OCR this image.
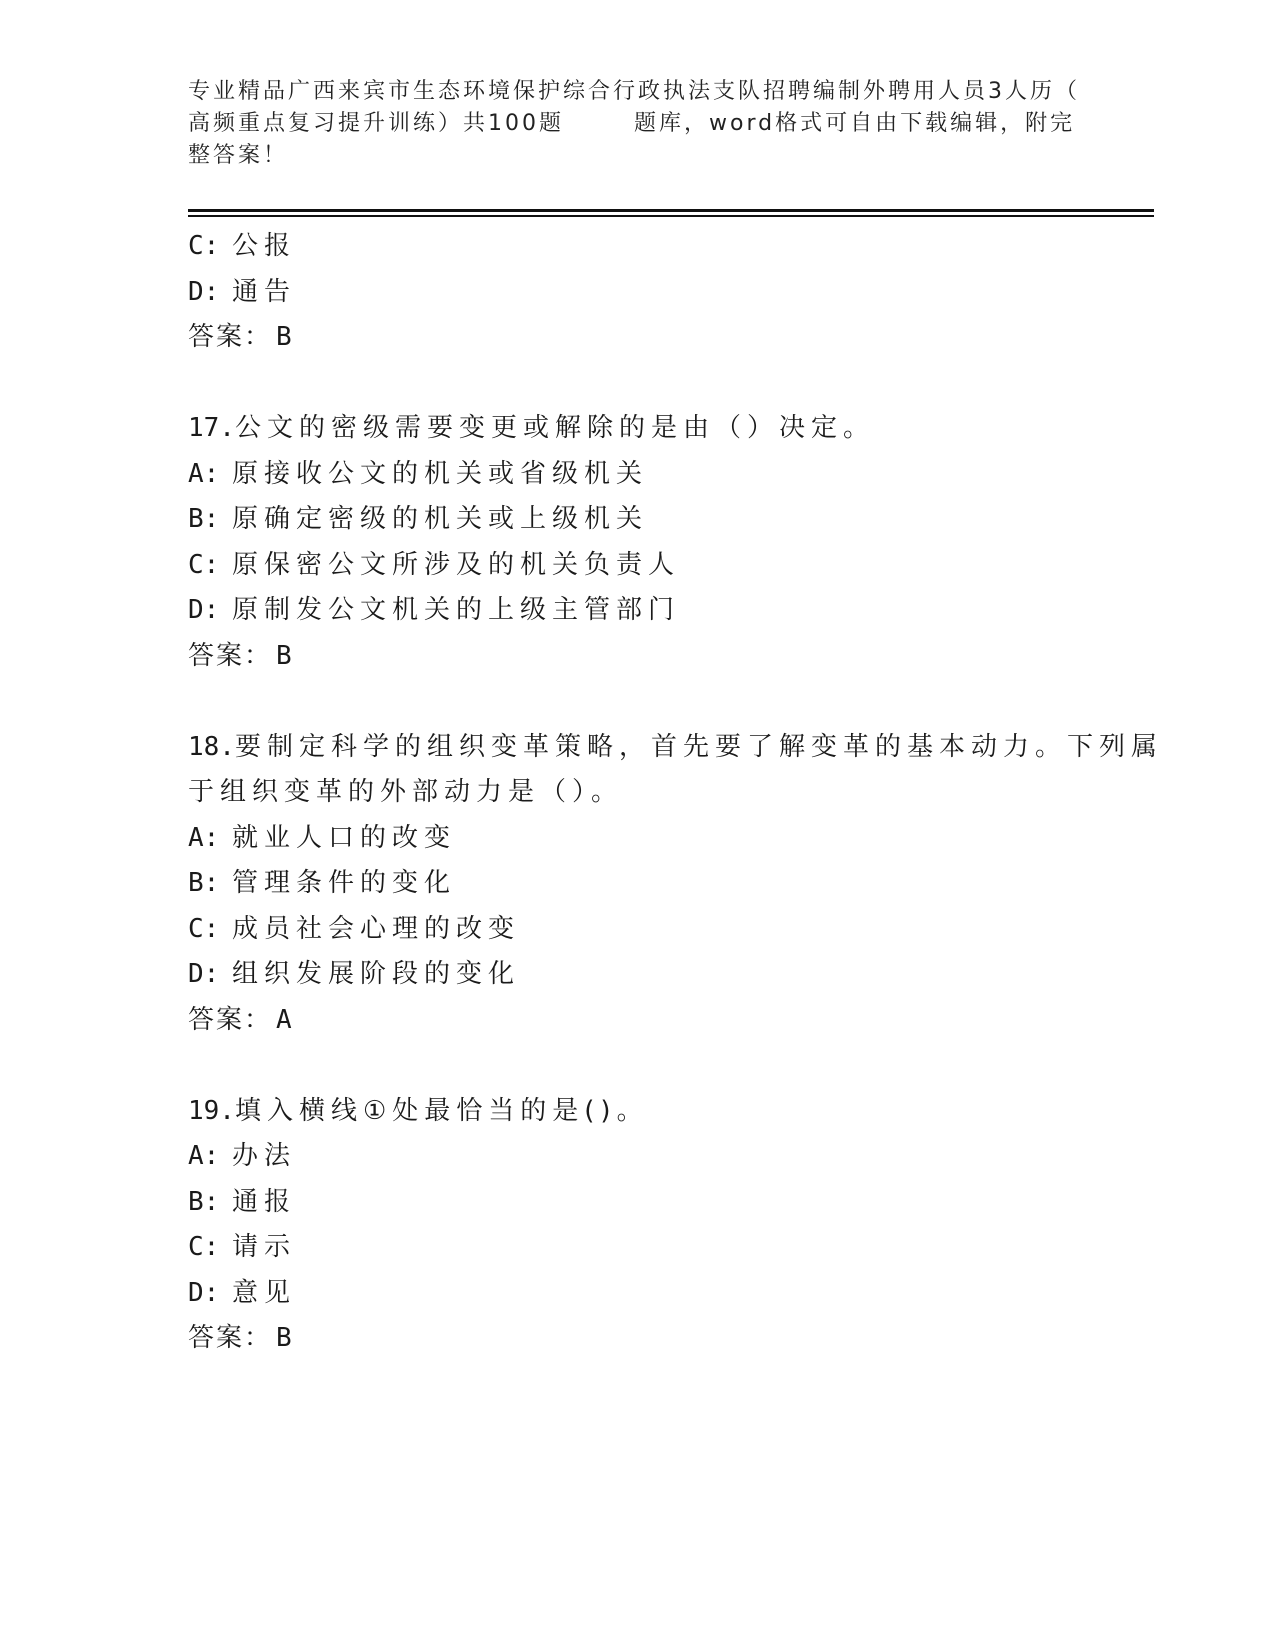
专业精品广西来宾市生态环境保护综合行政执法支队招聘编制外聘用人员3人历（
高频重点复习提升训练）共100题	题库，word格式可自由下载编辑，附完
整答案！
C: 公报
D: 通告
答案： B
17.公文的密级需要变更或解除的是由（）决定。
A: 原接收公文的机关或省级机关
B: 原确定密级的机关或上级机关
C: 原保密公文所涉及的机关负责人
D: 原制发公文机关的上级主管部门
答案： B
18.要制定科学的组织变革策略，首先要了解变革的基本动力。下列属
于组织变革的外部动力是（）。
A: 就业人口的改变
B: 管理条件的变化
C: 成员社会心理的改变
D: 组织发展阶段的变化
答案： A
19.填入横线①处最恰当的是()。
A: 办法
B: 通报
C: 请示
D: 意见
答案： B
